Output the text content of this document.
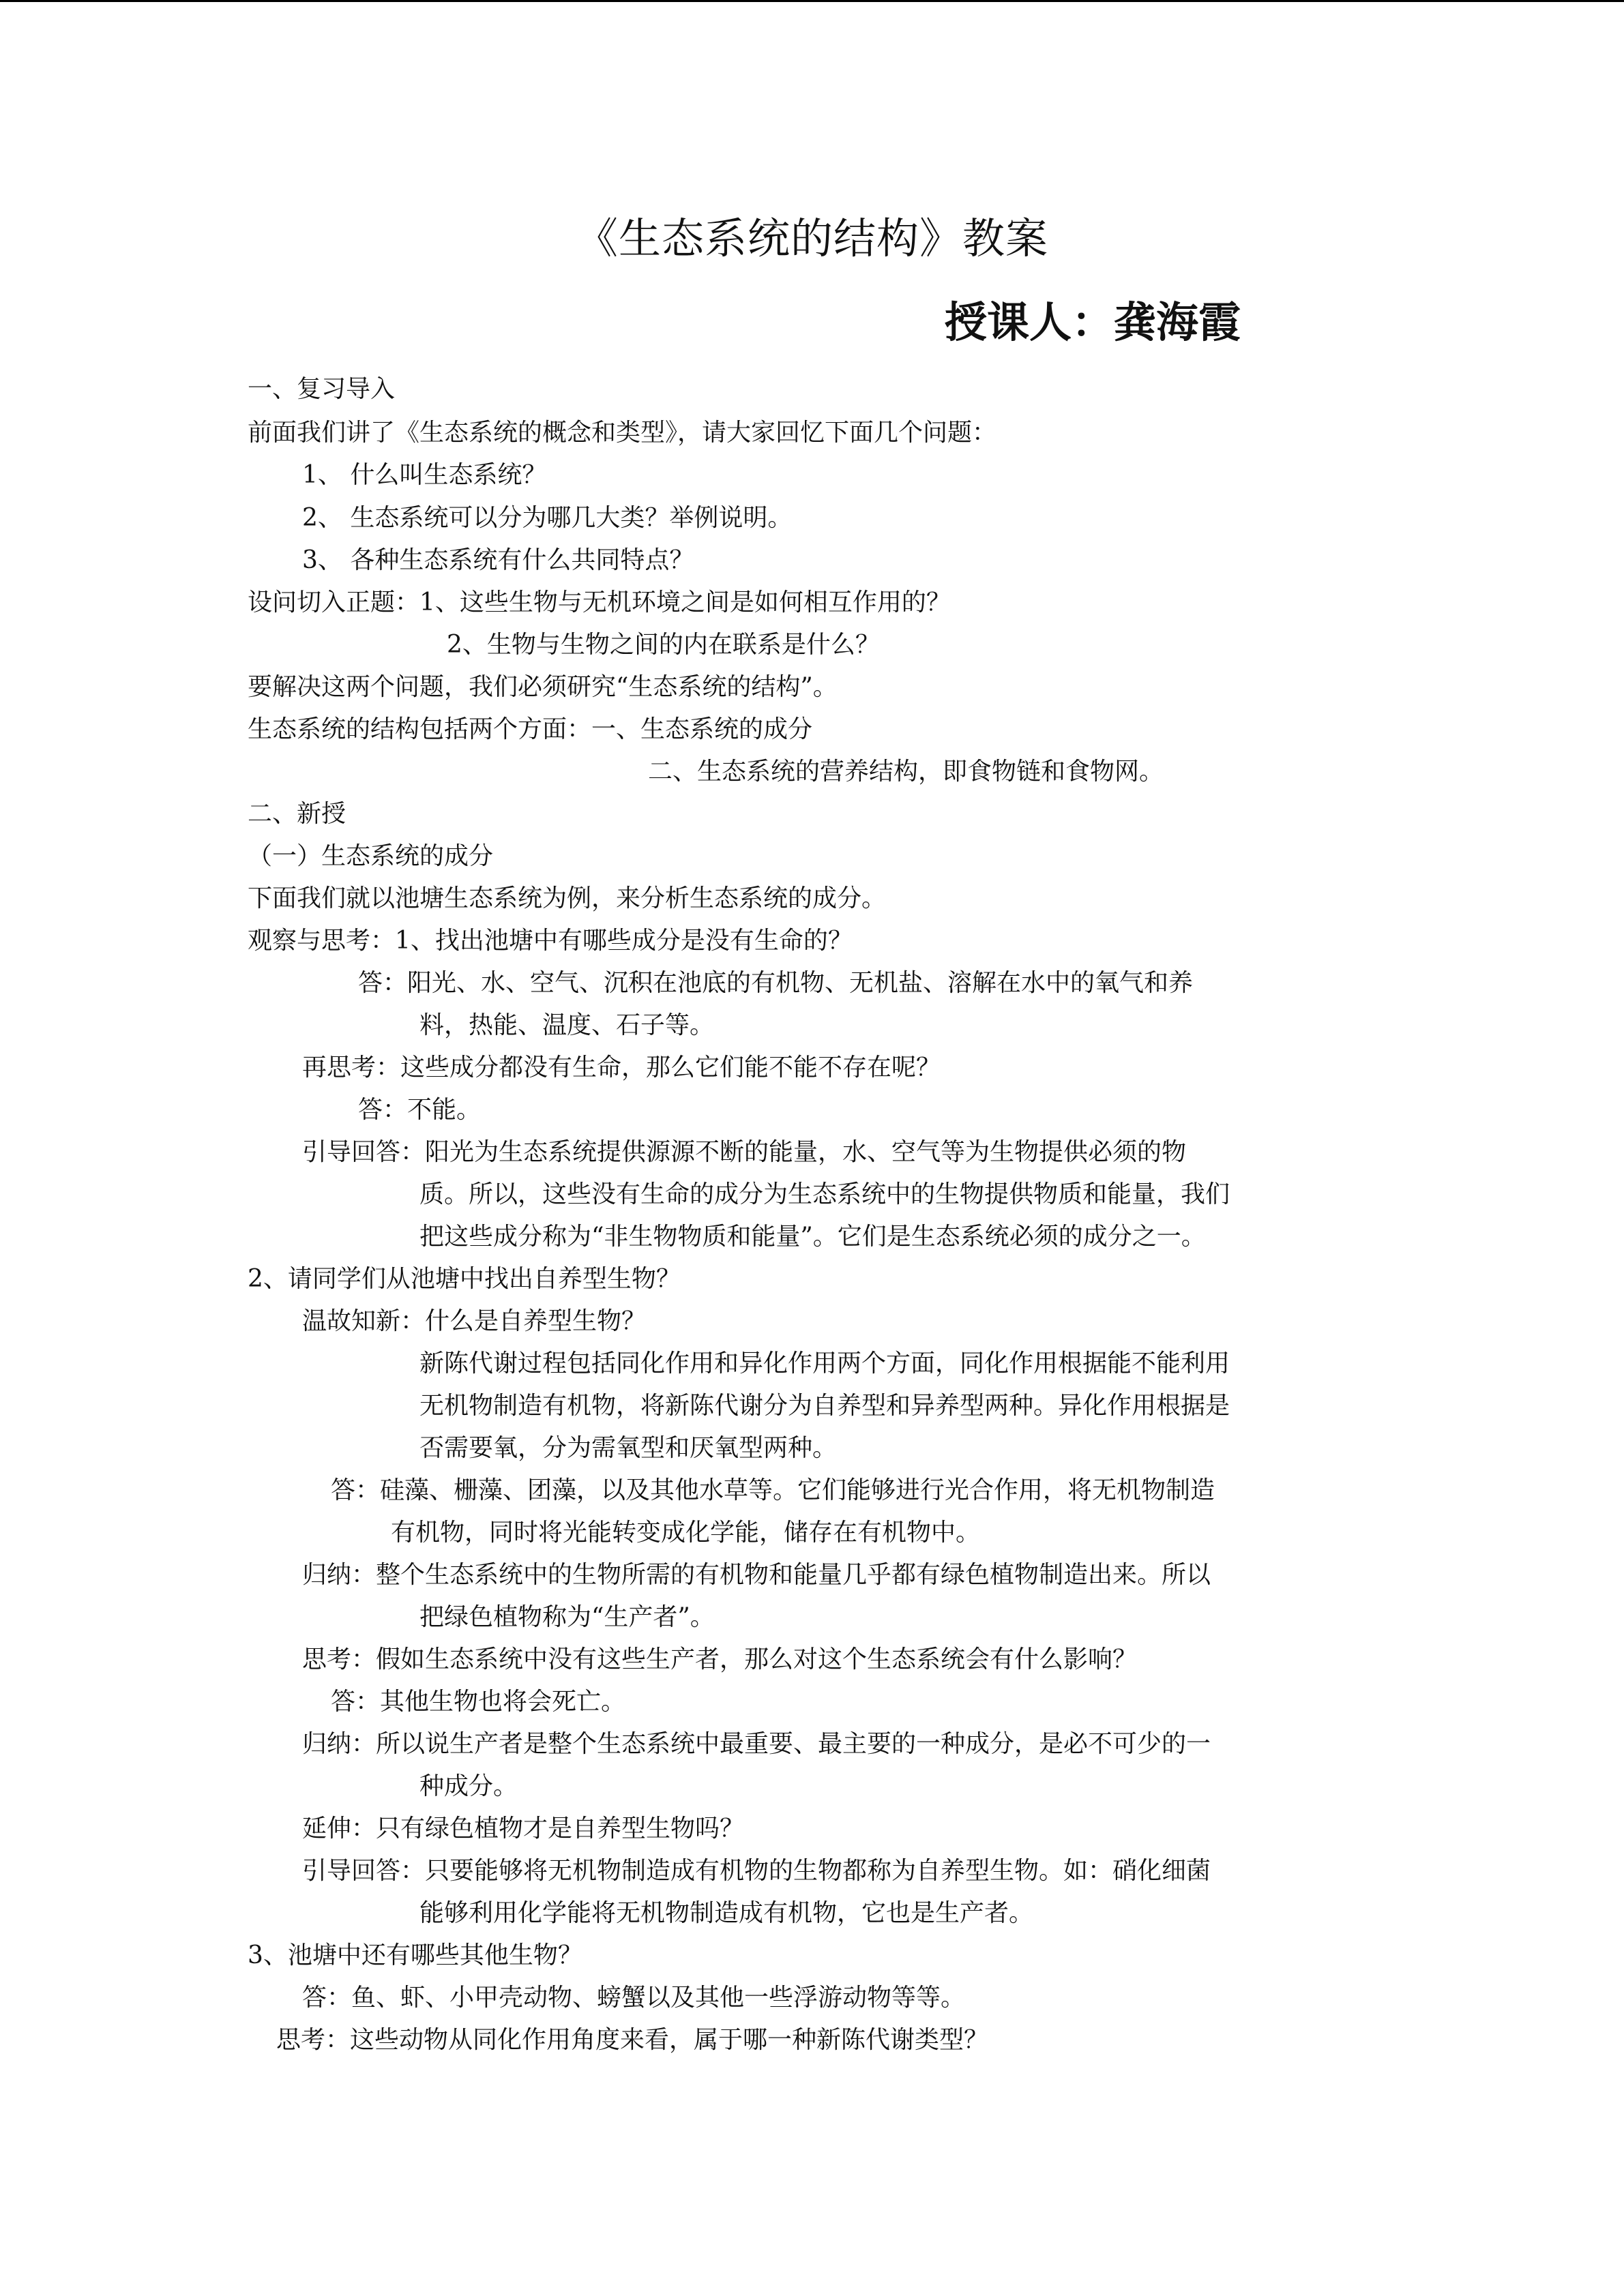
《生态系统的结构》教案
授课人：龚海霞
一、复习导入
前面我们讲了《生态系统的概念和类型》，请大家回忆下面几个问题：
1、 什么叫生态系统？
2、 生态系统可以分为哪几大类？举例说明。
3、 各种生态系统有什么共同特点？
设问切入正题：1、这些生物与无机环境之间是如何相互作用的？
2、生物与生物之间的内在联系是什么？
要解决这两个问题，我们必须研究“生态系统的结构”。
生态系统的结构包括两个方面：一、生态系统的成分
二、生态系统的营养结构，即食物链和食物网。
二、新授
（一）生态系统的成分
下面我们就以池塘生态系统为例，来分析生态系统的成分。
观察与思考：1、找出池塘中有哪些成分是没有生命的？
答：阳光、水、空气、沉积在池底的有机物、无机盐、溶解在水中的氧气和养
料，热能、温度、石子等。
再思考：这些成分都没有生命，那么它们能不能不存在呢？
答：不能。
引导回答：阳光为生态系统提供源源不断的能量，水、空气等为生物提供必须的物
质。所以，这些没有生命的成分为生态系统中的生物提供物质和能量，我们
把这些成分称为“非生物物质和能量”。它们是生态系统必须的成分之一。
2、请同学们从池塘中找出自养型生物？
温故知新：什么是自养型生物？
新陈代谢过程包括同化作用和异化作用两个方面，同化作用根据能不能利用
无机物制造有机物，将新陈代谢分为自养型和异养型两种。异化作用根据是
否需要氧，分为需氧型和厌氧型两种。
答：硅藻、栅藻、团藻，以及其他水草等。它们能够进行光合作用，将无机物制造
有机物，同时将光能转变成化学能，储存在有机物中。
归纳：整个生态系统中的生物所需的有机物和能量几乎都有绿色植物制造出来。所以
把绿色植物称为“生产者”。
思考：假如生态系统中没有这些生产者，那么对这个生态系统会有什么影响？
答：其他生物也将会死亡。
归纳：所以说生产者是整个生态系统中最重要、最主要的一种成分，是必不可少的一
种成分。
延伸：只有绿色植物才是自养型生物吗？
引导回答：只要能够将无机物制造成有机物的生物都称为自养型生物。如：硝化细菌
能够利用化学能将无机物制造成有机物，它也是生产者。
3、池塘中还有哪些其他生物？
答：鱼、虾、小甲壳动物、螃蟹以及其他一些浮游动物等等。
思考：这些动物从同化作用角度来看，属于哪一种新陈代谢类型？
